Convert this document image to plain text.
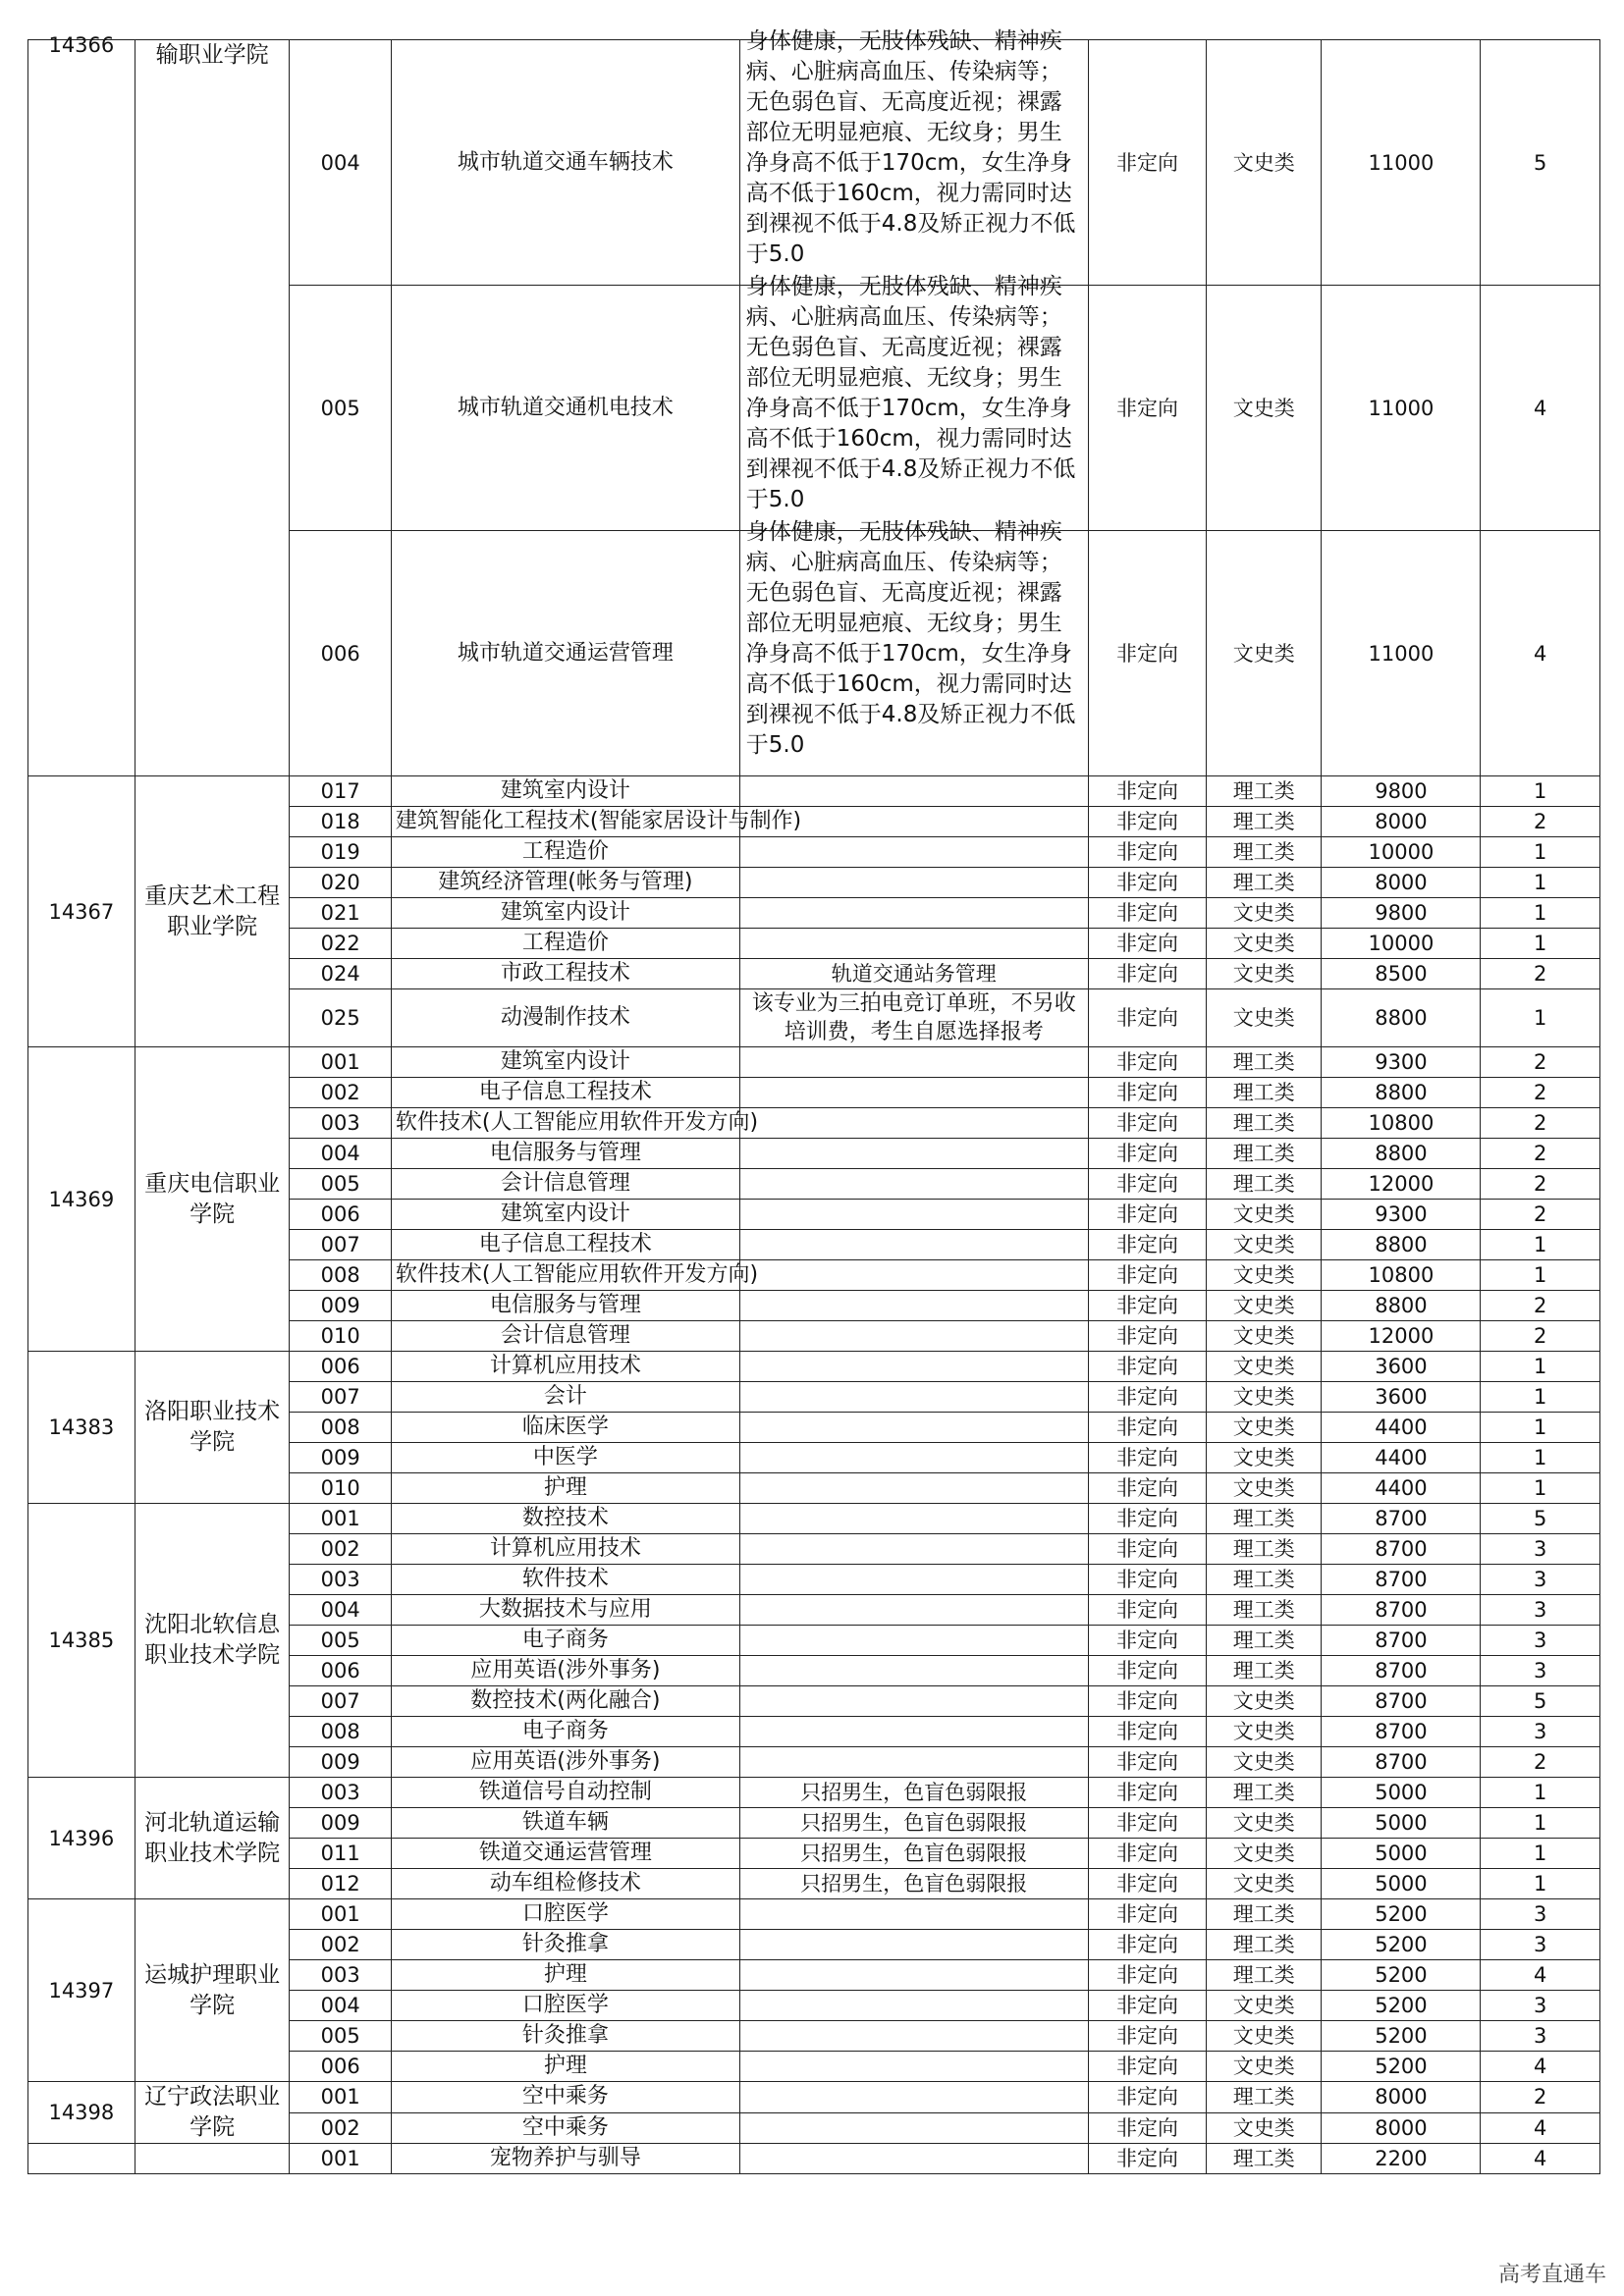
14366	输职业学院	004	城市轨道交通车辆技术	身体健康，无肢体残缺、精神疾病、心脏病高血压、传染病等；无色弱色盲、无高度近视；裸露部位无明显疤痕、无纹身；男生净身高不低于170cm，女生净身高不低于160cm，视力需同时达到裸视不低于4.8及矫正视力不低于5.0	非定向	文史类	11000	5
		005	城市轨道交通机电技术	身体健康，无肢体残缺、精神疾病、心脏病高血压、传染病等；无色弱色盲、无高度近视；裸露部位无明显疤痕、无纹身；男生净身高不低于170cm，女生净身高不低于160cm，视力需同时达到裸视不低于4.8及矫正视力不低于5.0	非定向	文史类	11000	4
		006	城市轨道交通运营管理	身体健康，无肢体残缺、精神疾病、心脏病高血压、传染病等；无色弱色盲、无高度近视；裸露部位无明显疤痕、无纹身；男生净身高不低于170cm，女生净身高不低于160cm，视力需同时达到裸视不低于4.8及矫正视力不低于5.0	非定向	文史类	11000	4
14367	重庆艺术工程职业学院	017	建筑室内设计		非定向	理工类	9800	1
		018	建筑智能化工程技术(智能家居设计与制作)		非定向	理工类	8000	2
		019	工程造价		非定向	理工类	10000	1
		020	建筑经济管理(帐务与管理)		非定向	理工类	8000	1
		021	建筑室内设计		非定向	文史类	9800	1
		022	工程造价		非定向	文史类	10000	1
		024	市政工程技术	轨道交通站务管理	非定向	文史类	8500	2
		025	动漫制作技术	该专业为三拍电竞订单班，不另收培训费，考生自愿选择报考	非定向	文史类	8800	1
14369	重庆电信职业学院	001	建筑室内设计		非定向	理工类	9300	2
		002	电子信息工程技术		非定向	理工类	8800	2
		003	软件技术(人工智能应用软件开发方向)		非定向	理工类	10800	2
		004	电信服务与管理		非定向	理工类	8800	2
		005	会计信息管理		非定向	理工类	12000	2
		006	建筑室内设计		非定向	文史类	9300	2
		007	电子信息工程技术		非定向	文史类	8800	1
		008	软件技术(人工智能应用软件开发方向)		非定向	文史类	10800	1
		009	电信服务与管理		非定向	文史类	8800	2
		010	会计信息管理		非定向	文史类	12000	2
14383	洛阳职业技术学院	006	计算机应用技术		非定向	文史类	3600	1
		007	会计		非定向	文史类	3600	1
		008	临床医学		非定向	文史类	4400	1
		009	中医学		非定向	文史类	4400	1
		010	护理		非定向	文史类	4400	1
14385	沈阳北软信息职业技术学院	001	数控技术		非定向	理工类	8700	5
		002	计算机应用技术		非定向	理工类	8700	3
		003	软件技术		非定向	理工类	8700	3
		004	大数据技术与应用		非定向	理工类	8700	3
		005	电子商务		非定向	理工类	8700	3
		006	应用英语(涉外事务)		非定向	理工类	8700	3
		007	数控技术(两化融合)		非定向	文史类	8700	5
		008	电子商务		非定向	文史类	8700	3
		009	应用英语(涉外事务)		非定向	文史类	8700	2
14396	河北轨道运输职业技术学院	003	铁道信号自动控制	只招男生，色盲色弱限报	非定向	理工类	5000	1
		009	铁道车辆	只招男生，色盲色弱限报	非定向	文史类	5000	1
		011	铁道交通运营管理	只招男生，色盲色弱限报	非定向	文史类	5000	1
		012	动车组检修技术	只招男生，色盲色弱限报	非定向	文史类	5000	1
14397	运城护理职业学院	001	口腔医学		非定向	理工类	5200	3
		002	针灸推拿		非定向	理工类	5200	3
		003	护理		非定向	理工类	5200	4
		004	口腔医学		非定向	文史类	5200	3
		005	针灸推拿		非定向	文史类	5200	3
		006	护理		非定向	文史类	5200	4
14398	辽宁政法职业学院	001	空中乘务		非定向	理工类	8000	2
		002	空中乘务		非定向	文史类	8000	4
		001	宠物养护与驯导		非定向	理工类	2200	4
高考直通车
